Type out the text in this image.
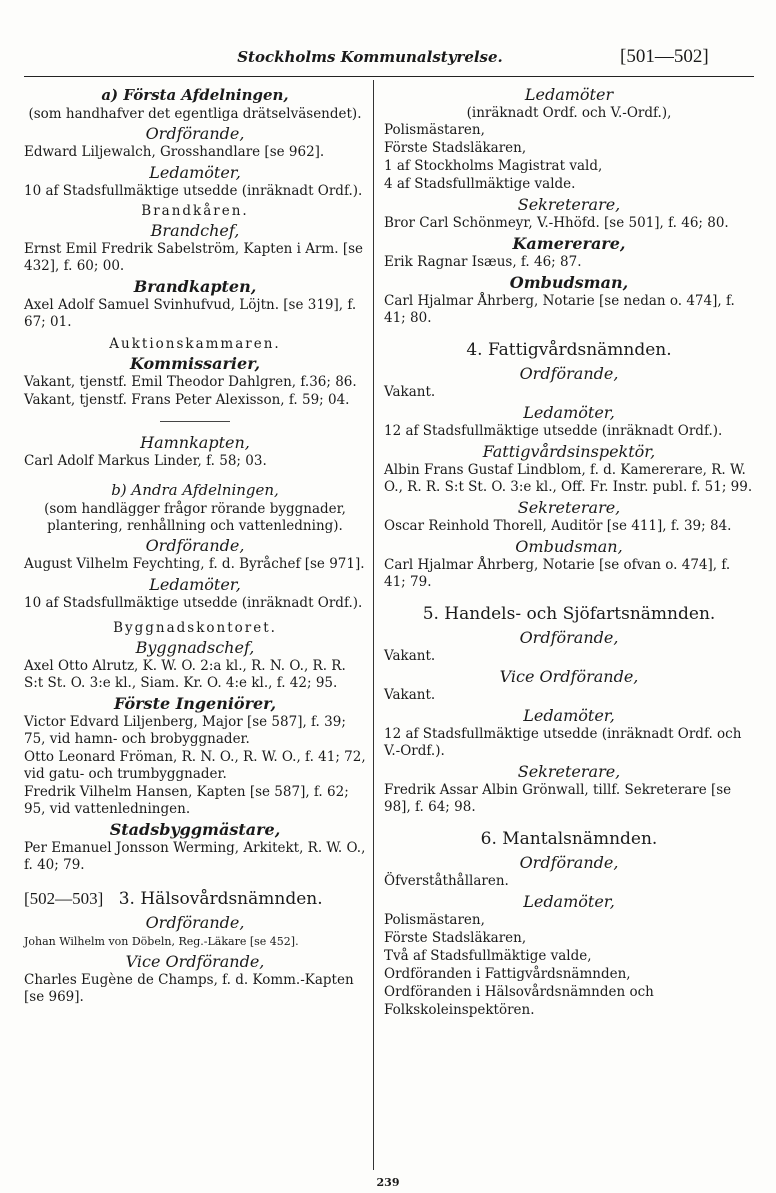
Stockholms Kommunalstyrelse.	[501—502]
a) Första Afdelningen,
(som handhafver det egentliga drätselväsendet).
Ordförande,
Edward Liljewalch, Grosshandlare [se 962].
Ledamöter,
10 af Stadsfullmäktige utsedde (inräknadt Ordf.).
Brandkåren.
Brandchef,
Ernst Emil Fredrik Sabelström, Kapten i Arm. [se 432], f. 60; 00.
Brandkapten,
Axel Adolf Samuel Svinhufvud, Löjtn. [se 319], f. 67; 01.
Auktionskammaren.
Kommissarier,
Vakant, tjenstf. Emil Theodor Dahlgren, f.36; 86.
Vakant, tjenstf. Frans Peter Alexisson, f. 59; 04.
Hamnkapten,
Carl Adolf Markus Linder, f. 58; 03.
b) Andra Afdelningen,
(som handlägger frågor rörande byggnader, plantering, renhållning och vattenledning).
Ordförande,
August Vilhelm Feychting, f. d. Byråchef [se 971].
Ledamöter,
10 af Stadsfullmäktige utsedde (inräknadt Ordf.).
Byggnadskontoret.
Byggnadschef,
Axel Otto Alrutz, K. W. O. 2:a kl., R. N. O., R. R. S:t St. O. 3:e kl., Siam. Kr. O. 4:e kl., f. 42; 95.
Förste Ingeniörer,
Victor Edvard Liljenberg, Major [se 587], f. 39; 75, vid hamn- och brobyggnader.
Otto Leonard Fröman, R. N. O., R. W. O., f. 41; 72, vid gatu- och trumbyggnader.
Fredrik Vilhelm Hansen, Kapten [se 587], f. 62; 95, vid vattenledningen.
Stadsbyggmästare,
Per Emanuel Jonsson Werming, Arkitekt, R. W. O., f. 40; 79.
[502—503] 3. Hälsovårdsnämnden.
Ordförande,
Johan Wilhelm von Döbeln, Reg.-Läkare [se 452].
Vice Ordförande,
Charles Eugène de Champs, f. d. Komm.-Kapten [se 969].
Ledamöter
(inräknadt Ordf. och V.-Ordf.),
Polismästaren,
Förste Stadsläkaren,
1 af Stockholms Magistrat vald,
4 af Stadsfullmäktige valde.
Sekreterare,
Bror Carl Schönmeyr, V.-Hhöfd. [se 501], f. 46; 80.
Kamererare,
Erik Ragnar Isæus, f. 46; 87.
Ombudsman,
Carl Hjalmar Åhrberg, Notarie [se nedan o. 474], f. 41; 80.
4. Fattigvårdsnämnden.
Ordförande,
Vakant.
Ledamöter,
12 af Stadsfullmäktige utsedde (inräknadt Ordf.).
Fattigvårdsinspektör,
Albin Frans Gustaf Lindblom, f. d. Kamererare, R. W. O., R. R. S:t St. O. 3:e kl., Off. Fr. Instr. publ. f. 51; 99.
Sekreterare,
Oscar Reinhold Thorell, Auditör [se 411], f. 39; 84.
Ombudsman,
Carl Hjalmar Åhrberg, Notarie [se ofvan o. 474], f. 41; 79.
5. Handels- och Sjöfartsnämnden.
Ordförande,
Vakant.
Vice Ordförande,
Vakant.
Ledamöter,
12 af Stadsfullmäktige utsedde (inräknadt Ordf. och V.-Ordf.).
Sekreterare,
Fredrik Assar Albin Grönwall, tillf. Sekreterare [se 98], f. 64; 98.
6. Mantalsnämnden.
Ordförande,
Öfverståthållaren.
Ledamöter,
Polismästaren,
Förste Stadsläkaren,
Två af Stadsfullmäktige valde,
Ordföranden i Fattigvårdsnämnden,
Ordföranden i Hälsovårdsnämnden och
Folkskoleinspektören.
239
